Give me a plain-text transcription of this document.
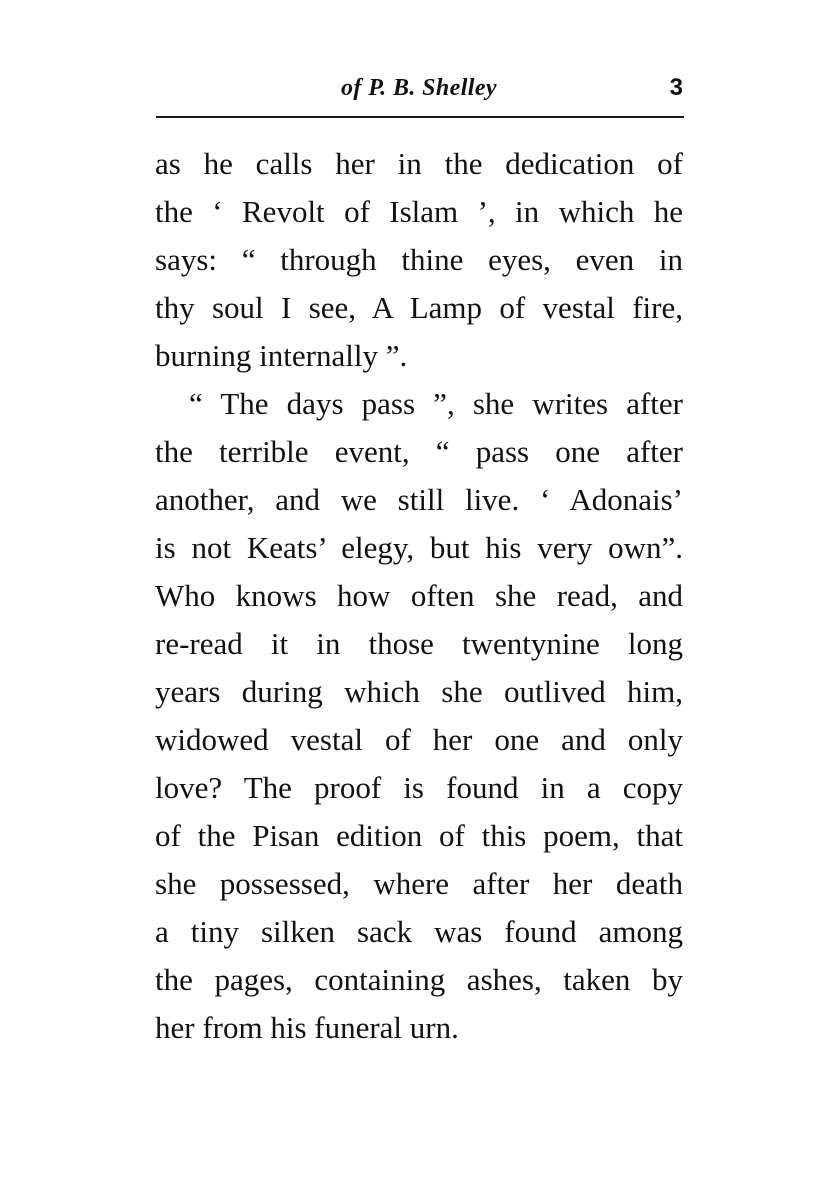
of P. B. Shelley	3
as he calls her in the dedication of
the ‘ Revolt of Islam ’, in which he
says: “ through thine eyes, even in
thy soul I see, A Lamp of vestal fire,
burning internally ”.
“ The days pass ”, she writes after
the terrible event, “ pass one after
another, and we still live. ‘ Adonais’
is not Keats’ elegy, but his very own”.
Who knows how often she read, and
re-read it in those twentynine long
years during which she outlived him,
widowed vestal of her one and only
love? The proof is found in a copy
of the Pisan edition of this poem, that
she possessed, where after her death
a tiny silken sack was found among
the pages, containing ashes, taken by
her from his funeral urn.
